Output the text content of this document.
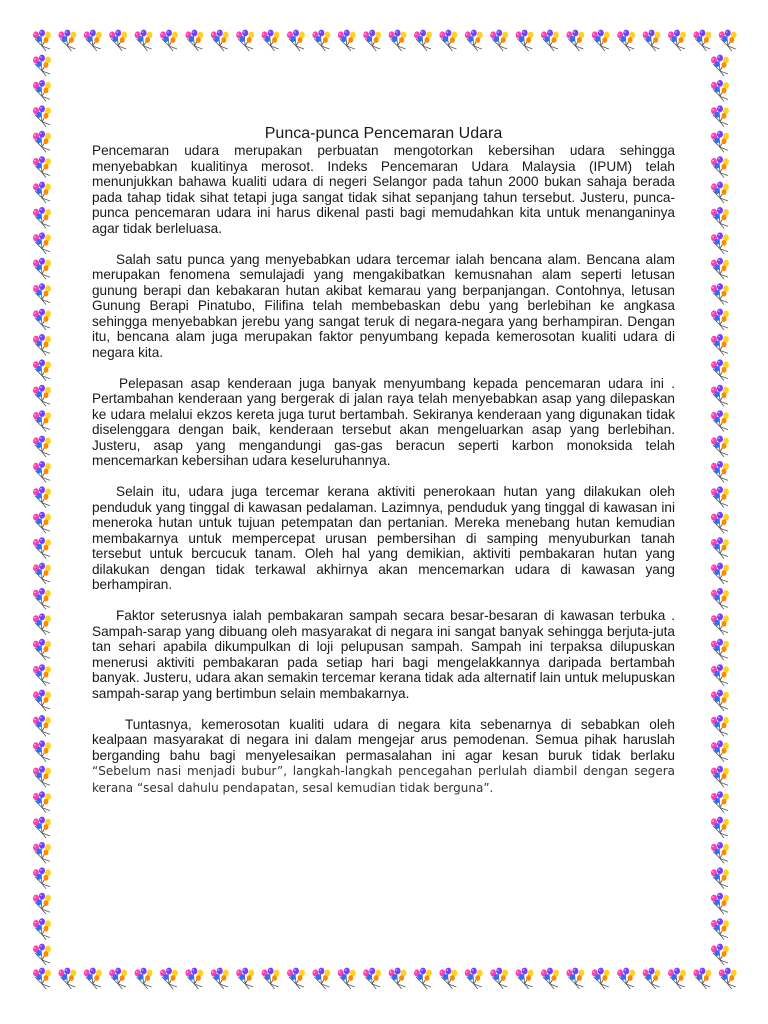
Punca-punca Pencemaran Udara
Pencemaran udara merupakan perbuatan mengotorkan kebersihan udara sehingga menyebabkan kualitinya merosot. Indeks Pencemaran Udara Malaysia (IPUM) telah menunjukkan bahawa kualiti udara di negeri Selangor pada tahun 2000 bukan sahaja berada pada tahap tidak sihat tetapi juga sangat tidak sihat sepanjang tahun tersebut. Justeru, punca-punca pencemaran udara ini harus dikenal pasti bagi memudahkan kita untuk menanganinya agar tidak berleluasa.
Salah satu punca yang menyebabkan udara tercemar ialah bencana alam. Bencana alam merupakan fenomena semulajadi yang mengakibatkan kemusnahan alam seperti letusan gunung berapi dan kebakaran hutan akibat kemarau yang berpanjangan. Contohnya, letusan Gunung Berapi Pinatubo, Filifina telah membebaskan debu yang berlebihan ke angkasa sehingga menyebabkan jerebu yang sangat teruk di negara-negara yang berhampiran. Dengan itu, bencana alam juga merupakan faktor penyumbang kepada kemerosotan kualiti udara di negara kita.
Pelepasan asap kenderaan juga banyak menyumbang kepada pencemaran udara ini . Pertambahan kenderaan yang bergerak di jalan raya telah menyebabkan asap yang dilepaskan ke udara melalui ekzos kereta juga turut bertambah. Sekiranya kenderaan yang digunakan tidak diselenggara dengan baik, kenderaan tersebut akan mengeluarkan asap yang berlebihan. Justeru, asap yang mengandungi gas-gas beracun seperti karbon monoksida telah mencemarkan kebersihan udara keseluruhannya.
Selain itu, udara juga tercemar kerana aktiviti penerokaan hutan yang dilakukan oleh penduduk yang tinggal di kawasan pedalaman. Lazimnya, penduduk yang tinggal di kawasan ini meneroka hutan untuk tujuan petempatan dan pertanian. Mereka menebang hutan kemudian membakarnya untuk mempercepat urusan pembersihan di samping menyuburkan tanah tersebut untuk bercucuk tanam. Oleh hal yang demikian, aktiviti pembakaran hutan yang dilakukan dengan tidak terkawal akhirnya akan mencemarkan udara di kawasan yang berhampiran.
Faktor seterusnya ialah pembakaran sampah secara besar-besaran di kawasan terbuka . Sampah-sarap yang dibuang oleh masyarakat di negara ini sangat banyak sehingga berjuta-juta tan sehari apabila dikumpulkan di loji pelupusan sampah. Sampah ini terpaksa dilupuskan menerusi aktiviti pembakaran pada setiap hari bagi mengelakkannya daripada bertambah banyak. Justeru, udara akan semakin tercemar kerana tidak ada alternatif lain untuk melupuskan sampah-sarap yang bertimbun selain membakarnya.
Tuntasnya, kemerosotan kualiti udara di negara kita sebenarnya di sebabkan oleh kealpaan masyarakat di negara ini dalam mengejar arus pemodenan. Semua pihak haruslah berganding bahu bagi menyelesaikan permasalahan ini agar kesan buruk tidak berlaku “Sebelum nasi menjadi bubur”, langkah-langkah pencegahan perlulah diambil dengan segera kerana “sesal dahulu pendapatan, sesal kemudian tidak berguna”.
